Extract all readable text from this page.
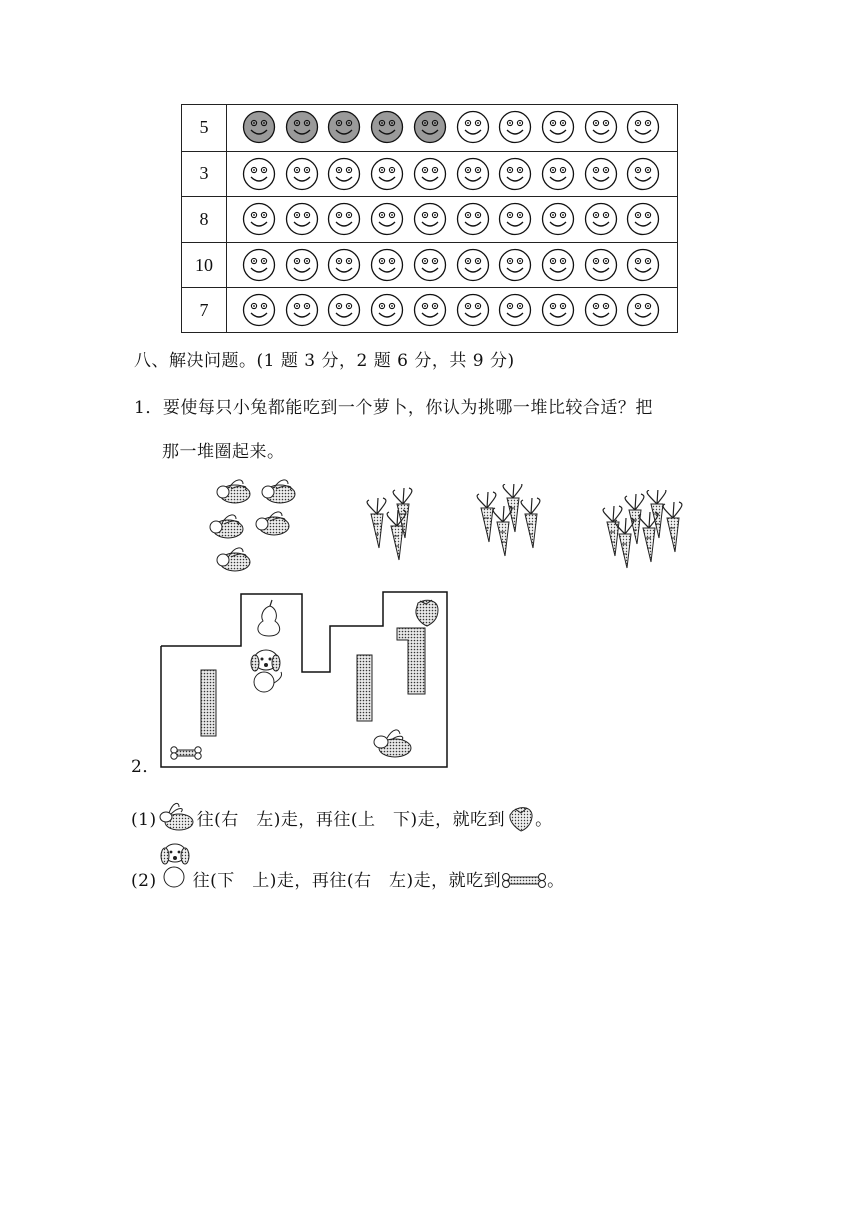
5
3
8
10
7
八、解决问题。(1 题 3 分，2 题 6 分，共 9 分)
1．要使每只小兔都能吃到一个萝卜，你认为挑哪一堆比较合适？把
那一堆圈起来。
2．
(1) 往(右　左)走，再往(上　下)走，就吃到 。
(2) 往(下　上)走，再往(右　左)走，就吃到	。
